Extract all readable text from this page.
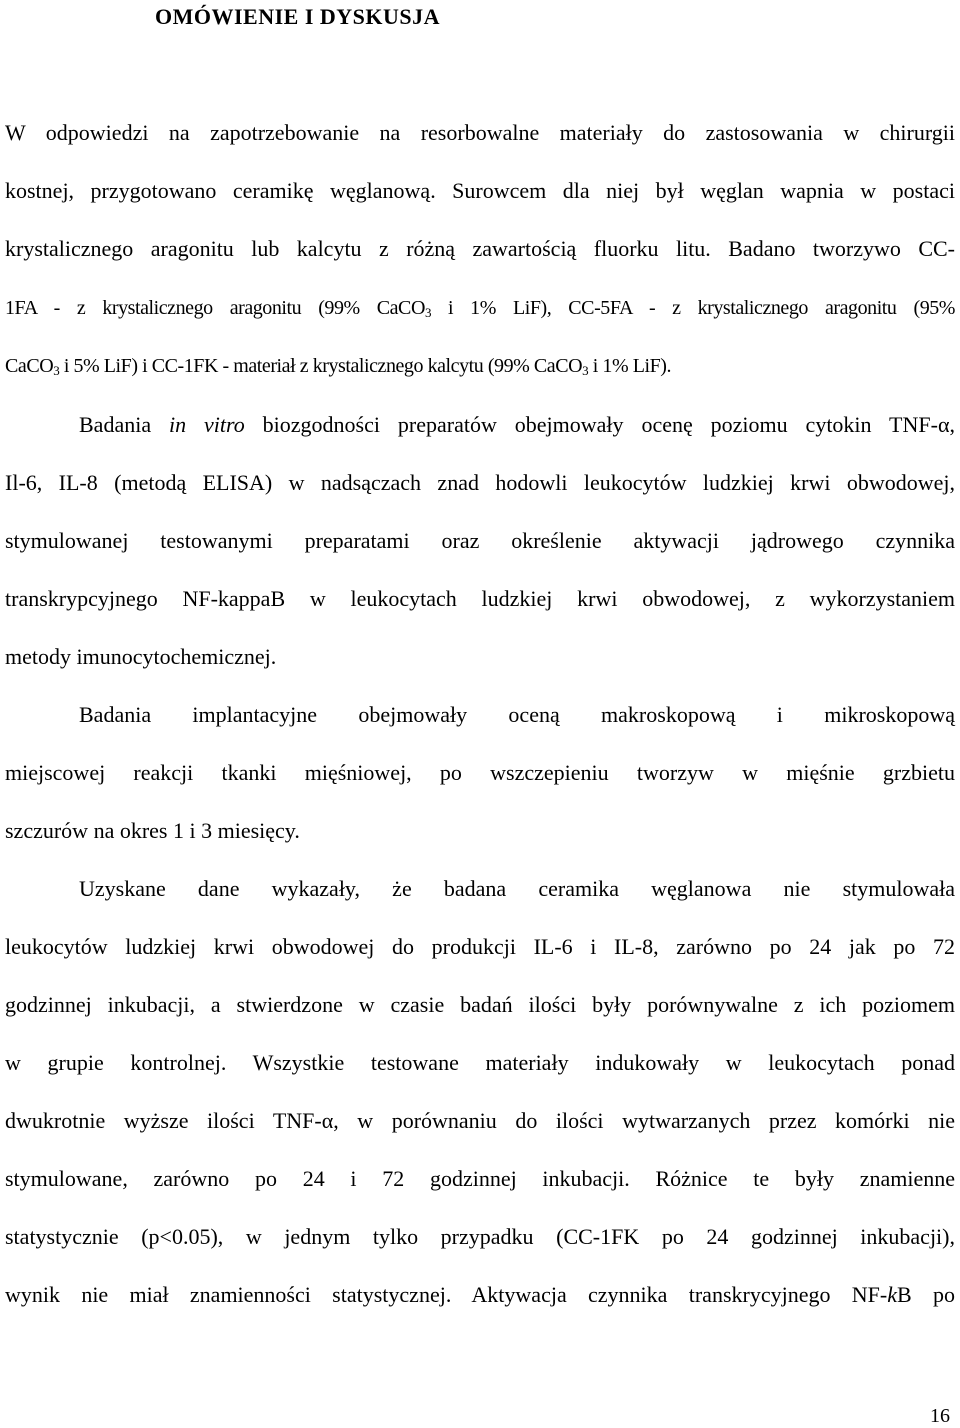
OMÓWIENIE I DYSKUSJA
W odpowiedzi na zapotrzebowanie na resorbowalne materiały do zastosowania w chirurgii
kostnej, przygotowano ceramikę węglanową. Surowcem dla niej był węglan wapnia w postaci
krystalicznego aragonitu lub kalcytu z różną zawartością fluorku litu. Badano tworzywo CC-
1FA - z krystalicznego aragonitu (99% CaCO$_3$ i 1% LiF), CC-5FA - z krystalicznego aragonitu (95%
CaCO$_3$ i 5% LiF) i CC-1FK - materiał z krystalicznego kalcytu (99% CaCO$_3$ i 1% LiF).
Badania in vitro biozgodności preparatów obejmowały ocenę poziomu cytokin TNF-α,
Il-6, IL-8 (metodą ELISA) w nadsączach znad hodowli leukocytów ludzkiej krwi obwodowej,
stymulowanej testowanymi preparatami oraz określenie aktywacji jądrowego czynnika
transkrypcyjnego NF-kappaB w leukocytach ludzkiej krwi obwodowej, z wykorzystaniem
metody imunocytochemicznej.
Badania implantacyjne obejmowały oceną makroskopową i mikroskopową
miejscowej reakcji tkanki mięśniowej, po wszczepieniu tworzyw w mięśnie grzbietu
szczurów na okres 1 i 3 miesięcy.
Uzyskane dane wykazały, że badana ceramika węglanowa nie stymulowała
leukocytów ludzkiej krwi obwodowej do produkcji IL-6 i IL-8, zarówno po 24 jak po 72
godzinnej inkubacji, a stwierdzone w czasie badań ilości były porównywalne z ich poziomem
w grupie kontrolnej. Wszystkie testowane materiały indukowały w leukocytach ponad
dwukrotnie wyższe ilości TNF-α, w porównaniu do ilości wytwarzanych przez komórki nie
stymulowane, zarówno po 24 i 72 godzinnej inkubacji. Różnice te były znamienne
statystycznie (p<0.05), w jednym tylko przypadku (CC-1FK po 24 godzinnej inkubacji),
wynik nie miał znamienności statystycznej. Aktywacja czynnika transkrycyjnego NF-kB po
16
